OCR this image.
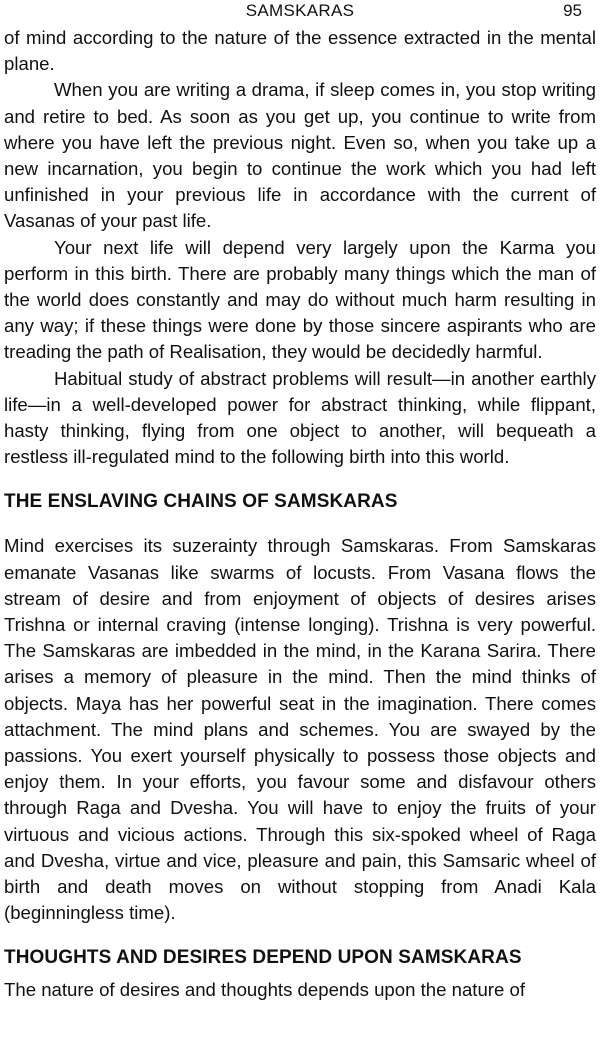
SAMSKARAS	95

of mind according to the nature of the essence extracted in the mental plane.

When you are writing a drama, if sleep comes in, you stop writing and retire to bed. As soon as you get up, you continue to write from where you have left the previous night. Even so, when you take up a new incarnation, you begin to continue the work which you had left unfinished in your previous life in accordance with the current of Vasanas of your past life.

Your next life will depend very largely upon the Karma you perform in this birth. There are probably many things which the man of the world does constantly and may do without much harm resulting in any way; if these things were done by those sincere aspirants who are treading the path of Realisation, they would be decidedly harmful.

Habitual study of abstract problems will result—in another earthly life—in a well-developed power for abstract thinking, while flippant, hasty thinking, flying from one object to another, will bequeath a restless ill-regulated mind to the following birth into this world.

THE ENSLAVING CHAINS OF SAMSKARAS

Mind exercises its suzerainty through Samskaras. From Samskaras emanate Vasanas like swarms of locusts. From Vasana flows the stream of desire and from enjoyment of objects of desires arises Trishna or internal craving (intense longing). Trishna is very powerful. The Samskaras are imbedded in the mind, in the Karana Sarira. There arises a memory of pleasure in the mind. Then the mind thinks of objects. Maya has her powerful seat in the imagination. There comes attachment. The mind plans and schemes. You are swayed by the passions. You exert yourself physically to possess those objects and enjoy them. In your efforts, you favour some and disfavour others through Raga and Dvesha. You will have to enjoy the fruits of your virtuous and vicious actions. Through this six-spoked wheel of Raga and Dvesha, virtue and vice, pleasure and pain, this Samsaric wheel of birth and death moves on without stopping from Anadi Kala (beginningless time).

THOUGHTS AND DESIRES DEPEND UPON SAMSKARAS

The nature of desires and thoughts depends upon the nature of
